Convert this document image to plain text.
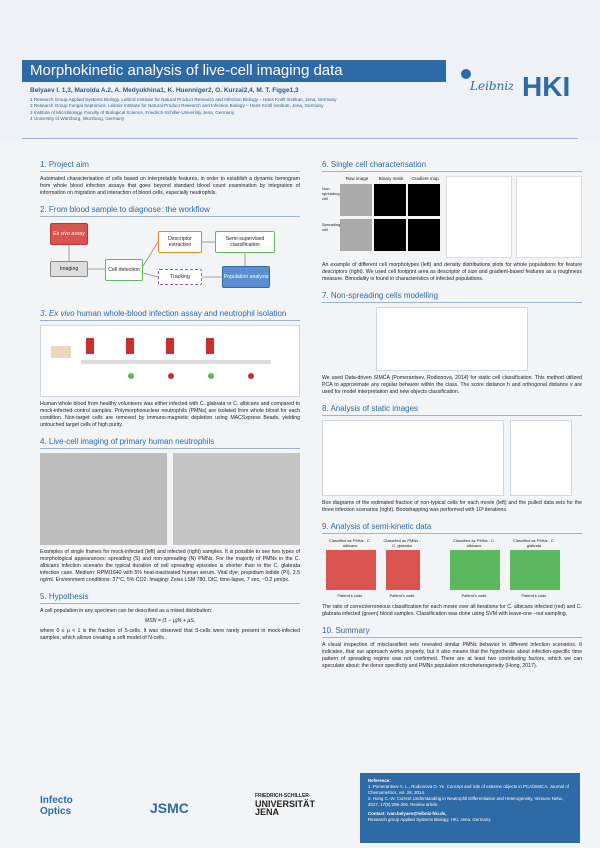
Morphokinetic analysis of live-cell imaging data
Belyaev I. 1,3, Marolda A.2, A. Medyukhina1, K. Huenniger2, O. Kurzai2,4, M. T. Figge1,3
1 Research Group Applied Systems Biology, Leibniz Institute for Natural Product Research and Infection Biology – Hans Knöll Institute, Jena, Germany
2 Research Group Fungal Septomics, Leibniz Institute for Natural Product Research and Infection Biology – Hans Knöll Institute, Jena, Germany
3 Institute of Microbiology, Faculty of Biological Science, Friedrich-Schiller-University Jena, Germany
4 University of Würzburg, Würzburg, Germany
Leibniz HKI
1. Project aim

Automated characterisation of cells based on interpretable features, in order to establish a dynamic hemogram from whole blood infection assays that goes beyond standard blood count examination by integration of information on migration and interaction of blood cells, especially neutrophils.

2. From blood sample to diagnose: the workflow
Ex vivo assay
Imaging	Cell detection
Descriptor extraction
Semi-supervised classification
Tracking	Population analysis
3. Ex vivo human whole-blood infection assay and neutrophil isolation

Human whole blood from healthy volunteers was either infected with C. glabrata or C. albicans and compared to mock-infected control samples. Polymorphonuclear neutrophils (PMNs) are isolated from whole blood for each condition. Non-target cells are removed by immuno-magnetic depletion using MACSxpress Beads, yielding untouched target cells of high purity.

4. Live-cell imaging of primary human neutrophils

Examples of single frames for mock-infected (left) and infected (right) samples. It is possible to see two types of morphological appearances: spreading (S) and non-spreading (N) PMNs. For the majority of PMNs in the C. albicans infection scenario the typical duration of cell spreading episodes is shorter than in the C. glabrata infection case. Medium: RPMI1640 with 5% heat-inactivated human serum. Vital dye: propidium iodide (PI), 2.5 ng/ml. Environment conditions: 37°C, 5% CO2. Imaging: Zeiss LSM 780, DIC, time-lapse, 7 sec, ~0.2 µm/px.

5. Hypothesis

A cell population in any specimen can be described as a mixed distribution:

MSN = (1 − µ)N + µS,

where 0 ≤ µ < 1 is the fraction of S-cells. It was observed that S-cells were rarely present in mock-infected samples, which allows creating a soft model of N-cells .

6. Single cell characterisation
Raw image	Binary mask	Gradient map
Non-spreading cell
Spreading cell

An example of different cell morphotypes (left) and density distributions plots for whole populations for feature descriptors (right). We used cell footprint area as descriptor of size and gradient-based features as a roughness measure. Bimodality is found in characteristics of infected populations.

7. Non-spreading cells modelling

We used Data-driven SIMCA (Pomerantsev, Rodionova, 2014) for static cell classification. This method utilized PCA to approximate any regular behavior within the class. The score distance h and orthogonal distance v are used for model interpretation and new objects classification.

8. Analysis of static images

Box diagrams of the estimated fraction of non-typical cells for each movie (left) and the pulled data sets for the three infection scenarios (right). Bootstrapping was performed with 10³ iterations.

9. Analysis of semi-kinetic data
Classified as PMNs : C. albicans
Patient's code
Classified as PMNs : C. glabrata
Patient's code
Classified as PMNs : C. albicans
Patient's code
Classified as PMNs : C. glabrata
Patient's code

The ratio of correct/erroneous classification for each movie over all iterations for C. albicans infected (red) and C. glabrata infected (green) blood samples. Classification was done using SVM with leave-one –out sampling.

10. Summary

A visual inspection of misclassified sets revealed similar PMNs behavior in different infection scenarios. It indicates, that our approach works properly, but it also means that the hypothesis about infection-specific time pattern of spreading regime was not confirmed. There are at least two contributing factors, which we can speculate about: the donor specificity and PMNs population microheterogeneity (Hong, 2017).

Reference:
1. Pomerantsev A. L., Rodionova O. Ye. Concept and role of extreme objects in PCA/SIMCA, Journal of Chemometrics, vol. 28, 2014.
2. Hong C.-W. Current Understanding in Neutrophil Differentiation and Heterogeneity, Immune Netw., 2017, 17(5):298-306. Review article.
Contact: ivan.belyaev@leibniz-hki.de,
Research group Applied Systems Biology, HKI, Jena, Germany
Infecto Optics	JSMC
FRIEDRICH-SCHILLER-
UNIVERSITÄT
JENA
